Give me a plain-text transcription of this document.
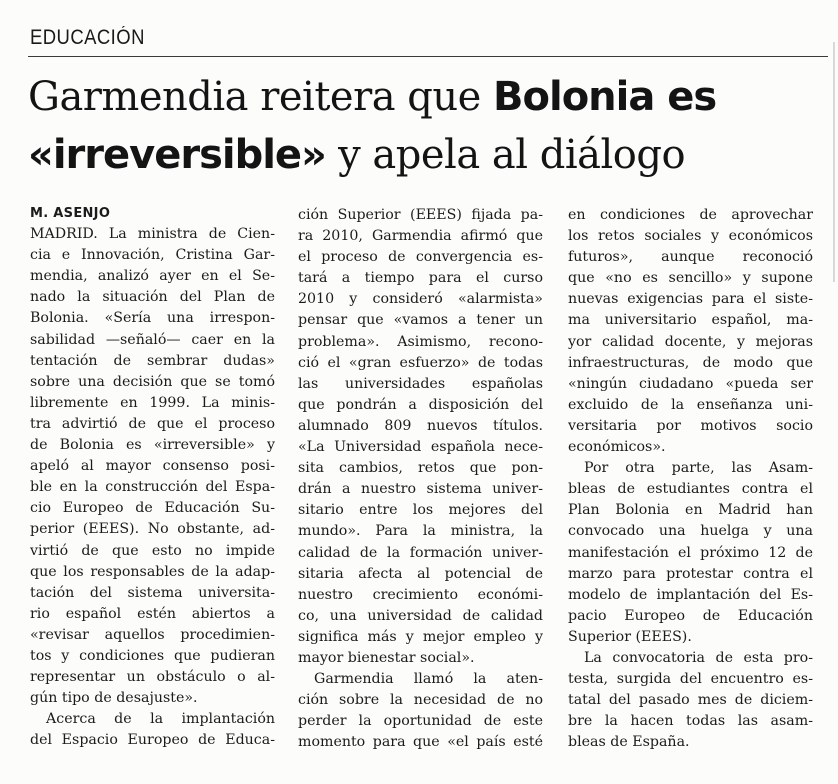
EDUCACIÓN
Garmendia reitera que Bolonia es
«irreversible» y apela al diálogo
M. ASENJO
MADRID. La ministra de Cien-
cia e Innovación, Cristina Gar-
mendia, analizó ayer en el Se-
nado la situación del Plan de
Bolonia. «Sería una irrespon-
sabilidad —señaló— caer en la
tentación de sembrar dudas»
sobre una decisión que se tomó
libremente en 1999. La minis-
tra advirtió de que el proceso
de Bolonia es «irreversible» y
apeló al mayor consenso posi-
ble en la construcción del Espa-
cio Europeo de Educación Su-
perior (EEES). No obstante, ad-
virtió de que esto no impide
que los responsables de la adap-
tación del sistema universita-
rio español estén abiertos a
«revisar aquellos procedimien-
tos y condiciones que pudieran
representar un obstáculo o al-
gún tipo de desajuste».
Acerca de la implantación
del Espacio Europeo de Educa-
ción Superior (EEES) fijada pa-
ra 2010, Garmendia afirmó que
el proceso de convergencia es-
tará a tiempo para el curso
2010 y consideró «alarmista»
pensar que «vamos a tener un
problema». Asimismo, recono-
ció el «gran esfuerzo» de todas
las universidades españolas
que pondrán a disposición del
alumnado 809 nuevos títulos.
«La Universidad española nece-
sita cambios, retos que pon-
drán a nuestro sistema univer-
sitario entre los mejores del
mundo». Para la ministra, la
calidad de la formación univer-
sitaria afecta al potencial de
nuestro crecimiento económi-
co, una universidad de calidad
significa más y mejor empleo y
mayor bienestar social».
Garmendia llamó la aten-
ción sobre la necesidad de no
perder la oportunidad de este
momento para que «el país esté
en condiciones de aprovechar
los retos sociales y económicos
futuros», aunque reconoció
que «no es sencillo» y supone
nuevas exigencias para el siste-
ma universitario español, ma-
yor calidad docente, y mejoras
infraestructuras, de modo que
«ningún ciudadano «pueda ser
excluido de la enseñanza uni-
versitaria por motivos socio
económicos».
Por otra parte, las Asam-
bleas de estudiantes contra el
Plan Bolonia en Madrid han
convocado una huelga y una
manifestación el próximo 12 de
marzo para protestar contra el
modelo de implantación del Es-
pacio Europeo de Educación
Superior (EEES).
La convocatoria de esta pro-
testa, surgida del encuentro es-
tatal del pasado mes de diciem-
bre la hacen todas las asam-
bleas de España.
